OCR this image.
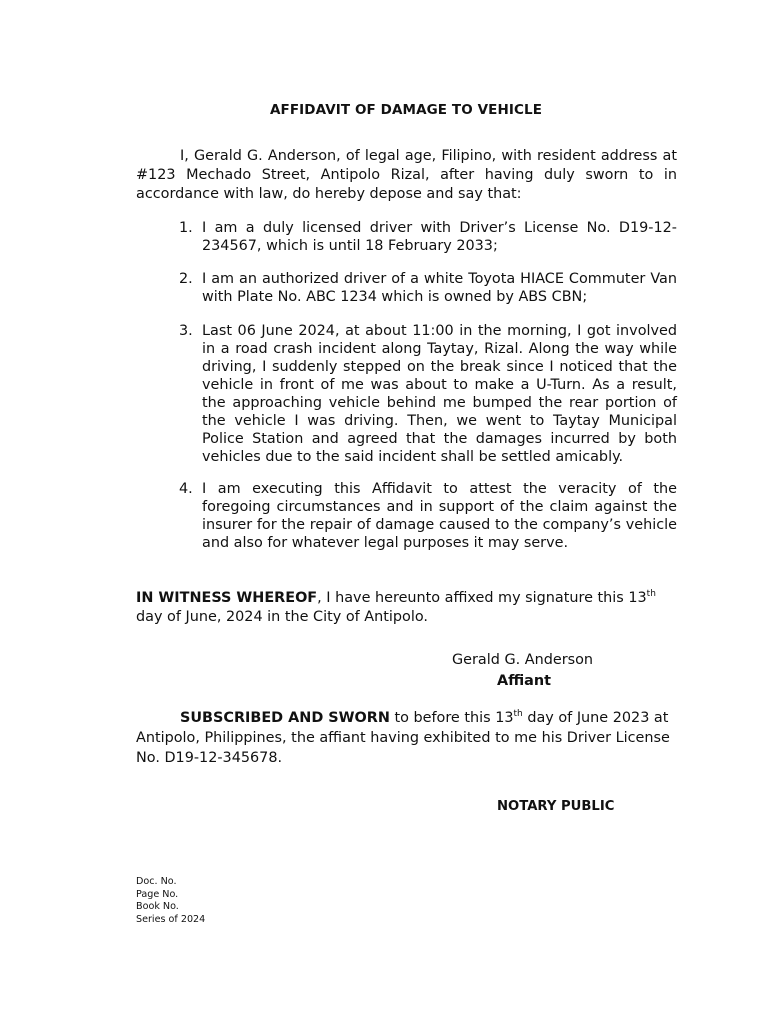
AFFIDAVIT OF DAMAGE TO VEHICLE

I, Gerald G. Anderson, of legal age, Filipino, with resident address at #123 Mechado Street, Antipolo Rizal, after having duly sworn to in accordance with law, do hereby depose and say that:

1. I am a duly licensed driver with Driver’s License No. D19-12-234567, which is until 18 February 2033;

2. I am an authorized driver of a white Toyota HIACE Commuter Van with Plate No. ABC 1234 which is owned by ABS CBN;

3. Last 06 June 2024, at about 11:00 in the morning, I got involved in a road crash incident along Taytay, Rizal. Along the way while driving, I suddenly stepped on the break since I noticed that the vehicle in front of me was about to make a U-Turn. As a result, the approaching vehicle behind me bumped the rear portion of the vehicle I was driving. Then, we went to Taytay Municipal Police Station and agreed that the damages incurred by both vehicles due to the said incident shall be settled amicably.

4. I am executing this Affidavit to attest the veracity of the foregoing circumstances and in support of the claim against the insurer for the repair of damage caused to the company’s vehicle and also for whatever legal purposes it may serve.

IN WITNESS WHEREOF, I have hereunto affixed my signature this 13th day of June, 2024 in the City of Antipolo.

Gerald G. Anderson
Affiant

SUBSCRIBED AND SWORN to before this 13th day of June 2023 at Antipolo, Philippines, the affiant having exhibited to me his Driver License No. D19-12-345678.

NOTARY PUBLIC
Doc. No.
Page No.
Book No.
Series of 2024
